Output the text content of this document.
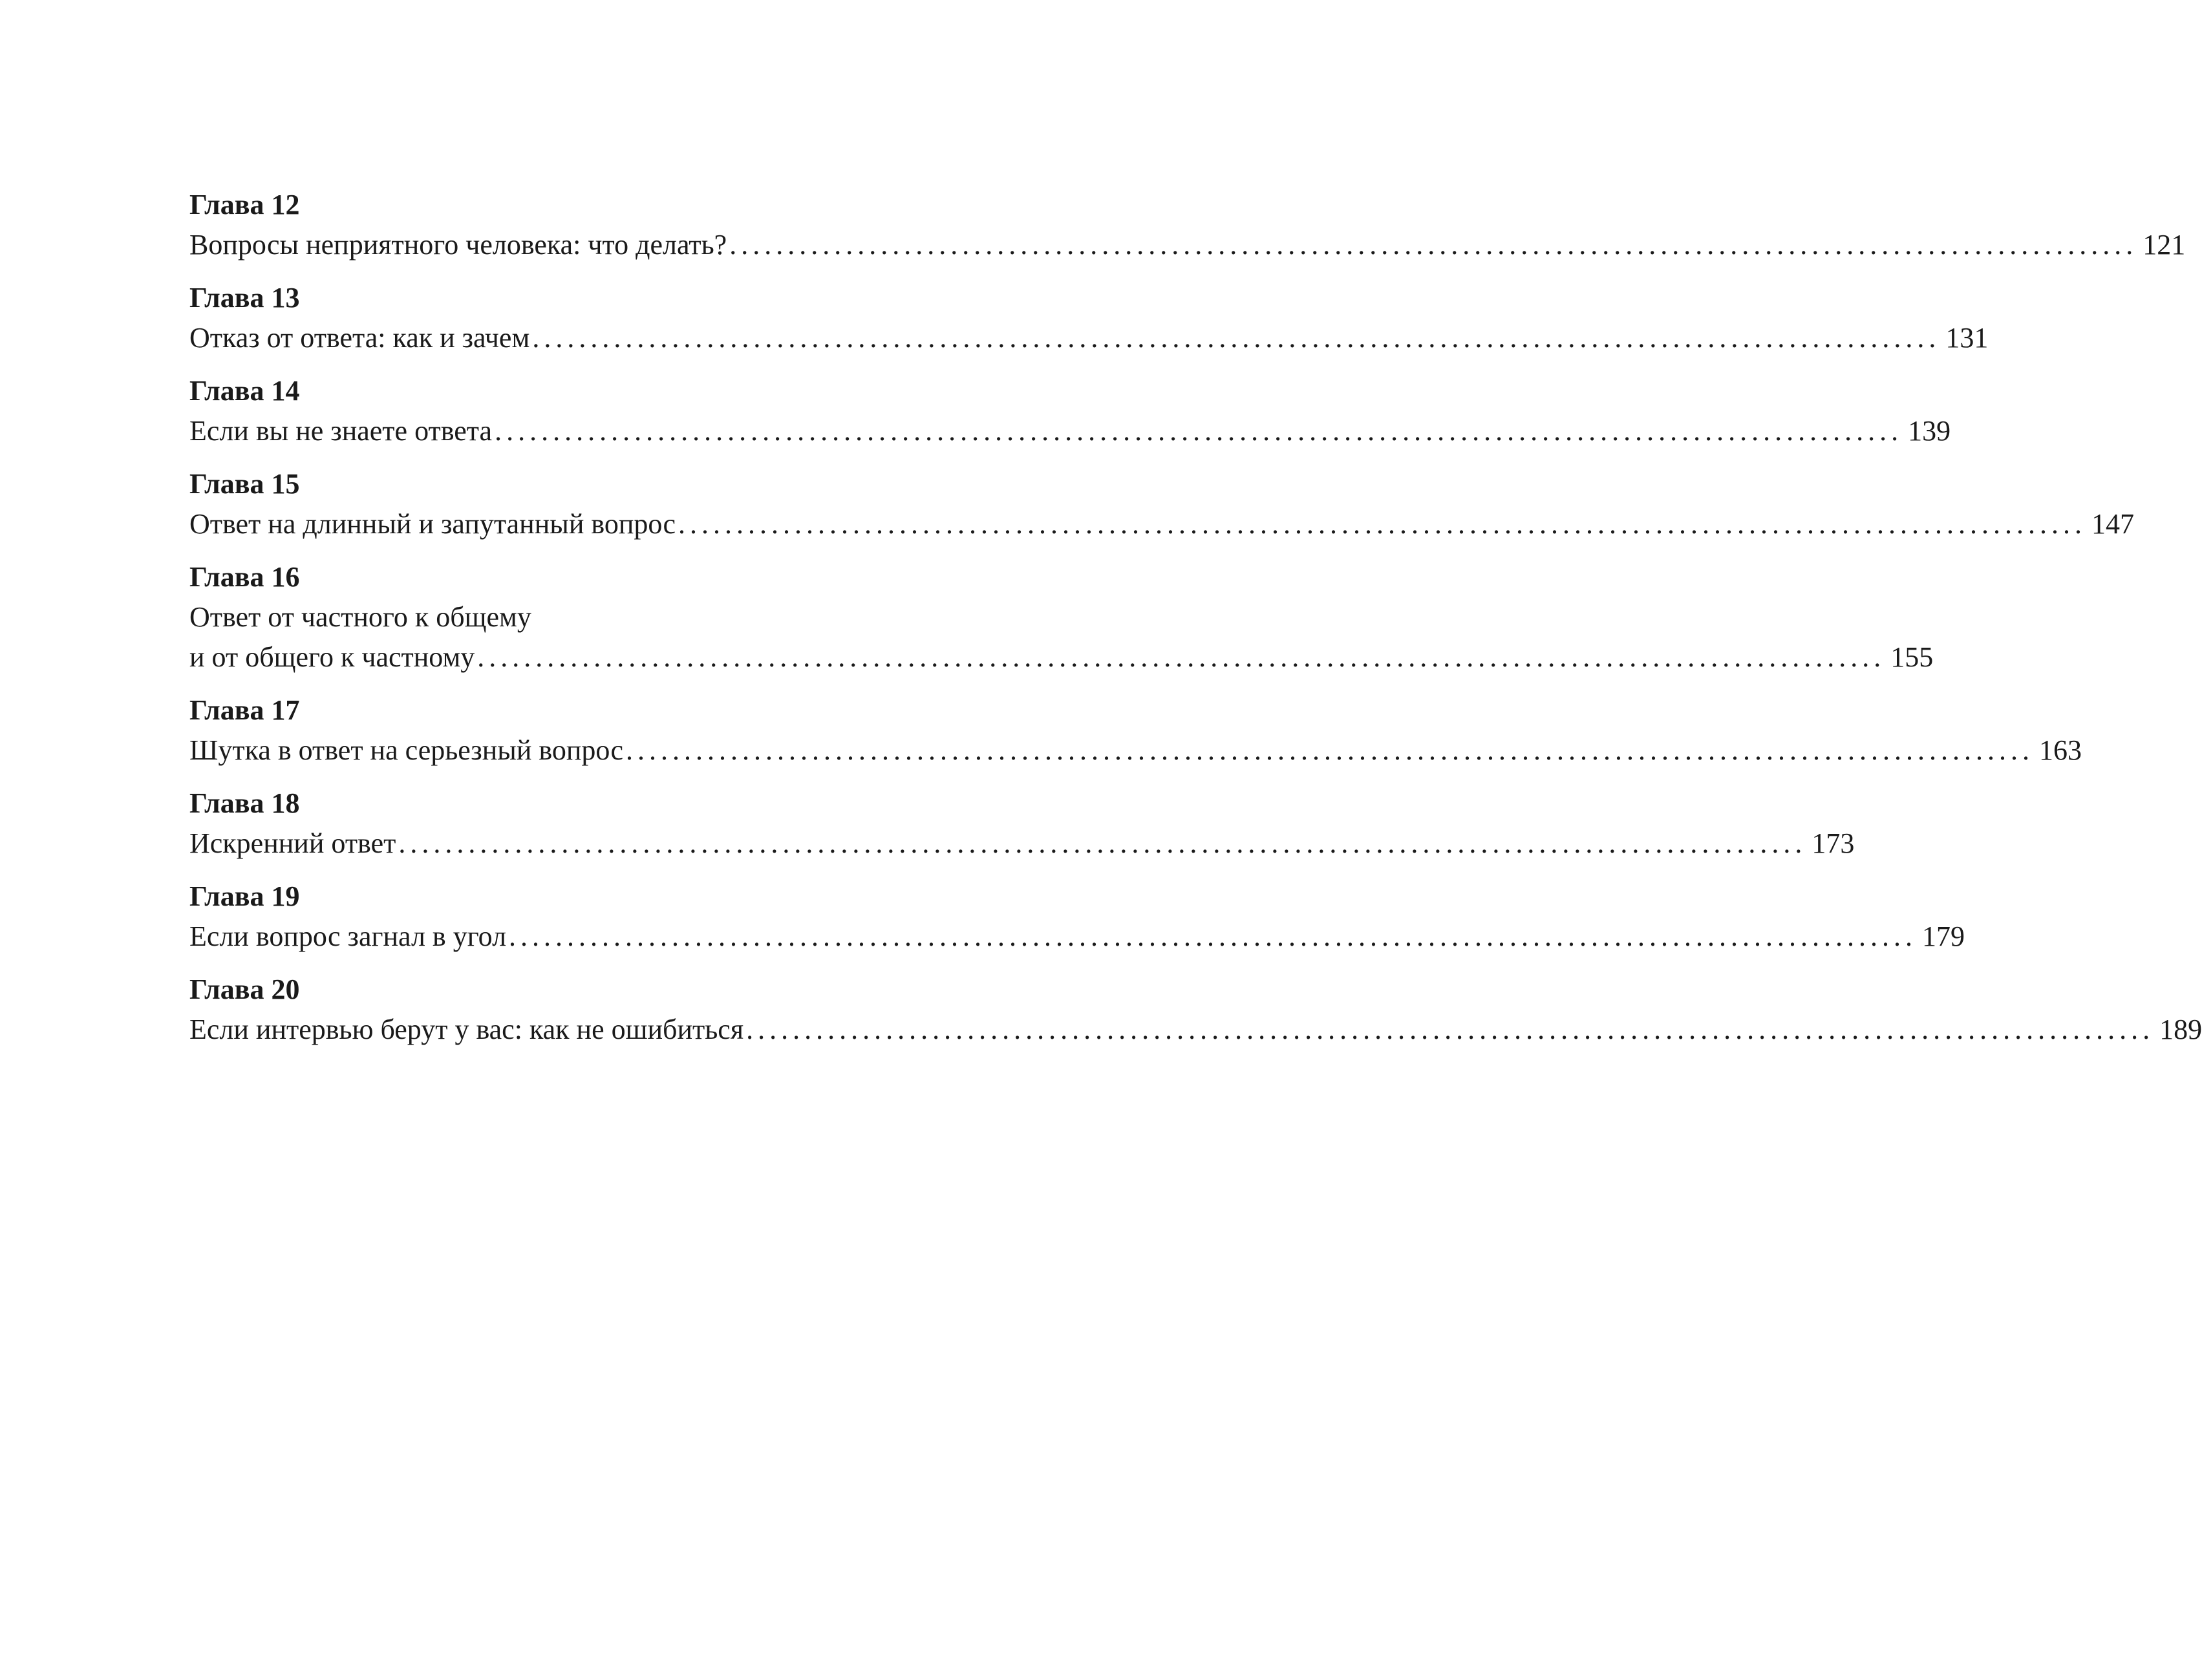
Глава 12
Вопросы неприятного человека: что делать? ......................................................................................................................... 121
Глава 13
Отказ от ответа: как и зачем ......................................................................................................................... 131
Глава 14
Если вы не знаете ответа ......................................................................................................................... 139
Глава 15
Ответ на длинный и запутанный вопрос ......................................................................................................................... 147
Глава 16
Ответ от частного к общему
и от общего к частному ......................................................................................................................... 155
Глава 17
Шутка в ответ на серьезный вопрос ......................................................................................................................... 163
Глава 18
Искренний ответ ......................................................................................................................... 173
Глава 19
Если вопрос загнал в угол ......................................................................................................................... 179
Глава 20
Если интервью берут у вас: как не ошибиться ......................................................................................................................... 189
